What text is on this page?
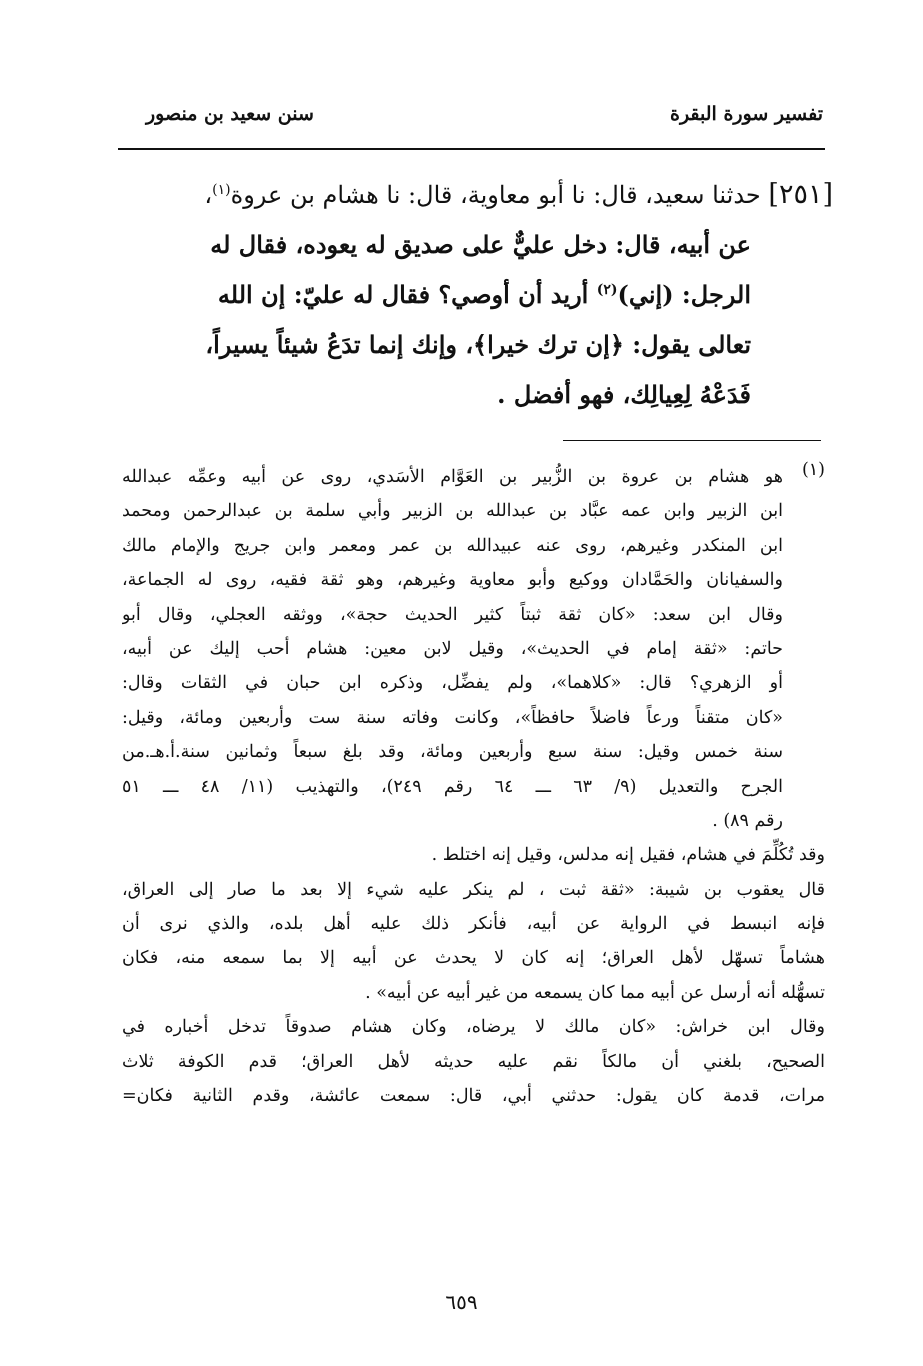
تفسير سورة البقرة
سنن سعيد بن منصور
[٢٥١] حدثنا سعيد، قال: نا أبو معاوية، قال: نا هشام بن عروة$^{(١)}$،
عن أبيه، قال: دخل عليٌّ على صديق له يعوده، فقال له
الرجل: (إني)$^{(٢)}$ أريد أن أوصي؟ فقال له عليّ: إن الله
تعالى يقول: ﴿إن ترك خيرا﴾، وإنك إنما تدَعُ شيئاً يسيراً،
فَدَعْهُ لِعِيالِك، فهو أفضل .
(١)
هو هشام بن عروة بن الزُّبير بن العَوَّام الأسَدي، روى عن أبيه وعمِّه عبدالله
ابن الزبير وابن عمه عبَّاد بن عبدالله بن الزبير وأبي سلمة بن عبدالرحمن ومحمد
ابن المنكدر وغيرهم، روى عنه عبيدالله بن عمر ومعمر وابن جريج والإمام مالك
والسفيانان والحَمَّادان ووكيع وأبو معاوية وغيرهم، وهو ثقة فقيه، روى له الجماعة،
وقال ابن سعد: «كان ثقة ثبتاً كثير الحديث حجة»، ووثقه العجلي، وقال أبو
حاتم: «ثقة إمام في الحديث»، وقيل لابن معين: هشام أحب إليك عن أبيه،
أو الزهري؟ قال: «كلاهما»، ولم يفضِّل، وذكره ابن حبان في الثقات وقال:
«كان متقناً ورعاً فاضلاً حافظاً»، وكانت وفاته سنة ست وأربعين ومائة، وقيل:
سنة خمس وقيل: سنة سبع وأربعين ومائة، وقد بلغ سبعاً وثمانين سنة.أ.هـ.من
الجرح والتعديل (٩/ ٦٣ ـــ ٦٤ رقم ٢٤٩)، والتهذيب (١١/ ٤٨ ـــ ٥١
رقم ٨٩) .
وقد تُكُلِّمَ في هشام، فقيل إنه مدلس، وقيل إنه اختلط .
قال يعقوب بن شيبة: «ثقة ثبت ، لم ينكر عليه شيء إلا بعد ما صار إلى العراق،
فإنه انبسط في الرواية عن أبيه، فأنكر ذلك عليه أهل بلده، والذي نرى أن
هشاماً تسهّل لأهل العراق؛ إنه كان لا يحدث عن أبيه إلا بما سمعه منه، فكان
تسهُّله أنه أرسل عن أبيه مما كان يسمعه من غير أبيه عن أبيه» .
وقال ابن خراش: «كان مالك لا يرضاه، وكان هشام صدوقاً تدخل أخباره في
الصحيح، بلغني أن مالكاً نقم عليه حديثه لأهل العراق؛ قدم الكوفة ثلاث
مرات، قدمة كان يقول: حدثني أبي، قال: سمعت عائشة، وقدم الثانية فكان=
٦٥٩
